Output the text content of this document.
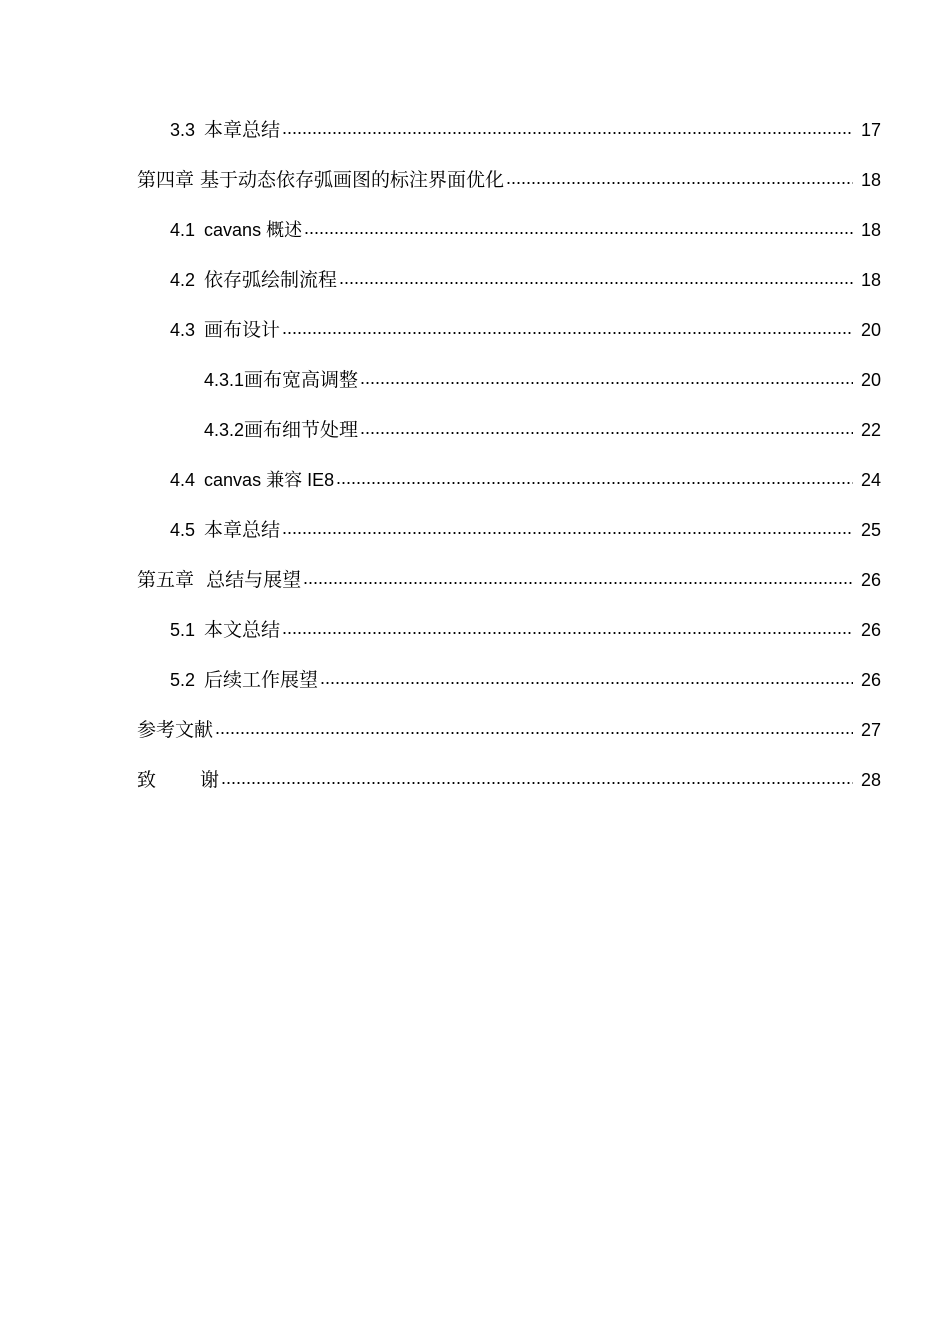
3.3 本章总结	17
第四章 基于动态依存弧画图的标注界面优化	18
4.1 cavans 概述	18
4.2 依存弧绘制流程	18
4.3 画布设计	20
4.3.1画布宽高调整	20
4.3.2画布细节处理	22
4.4 canvas 兼容 IE8	24
4.5 本章总结	25
第五章  总结与展望	26
5.1 本文总结	26
5.2 后续工作展望	26
参考文献	27
致 谢	28
